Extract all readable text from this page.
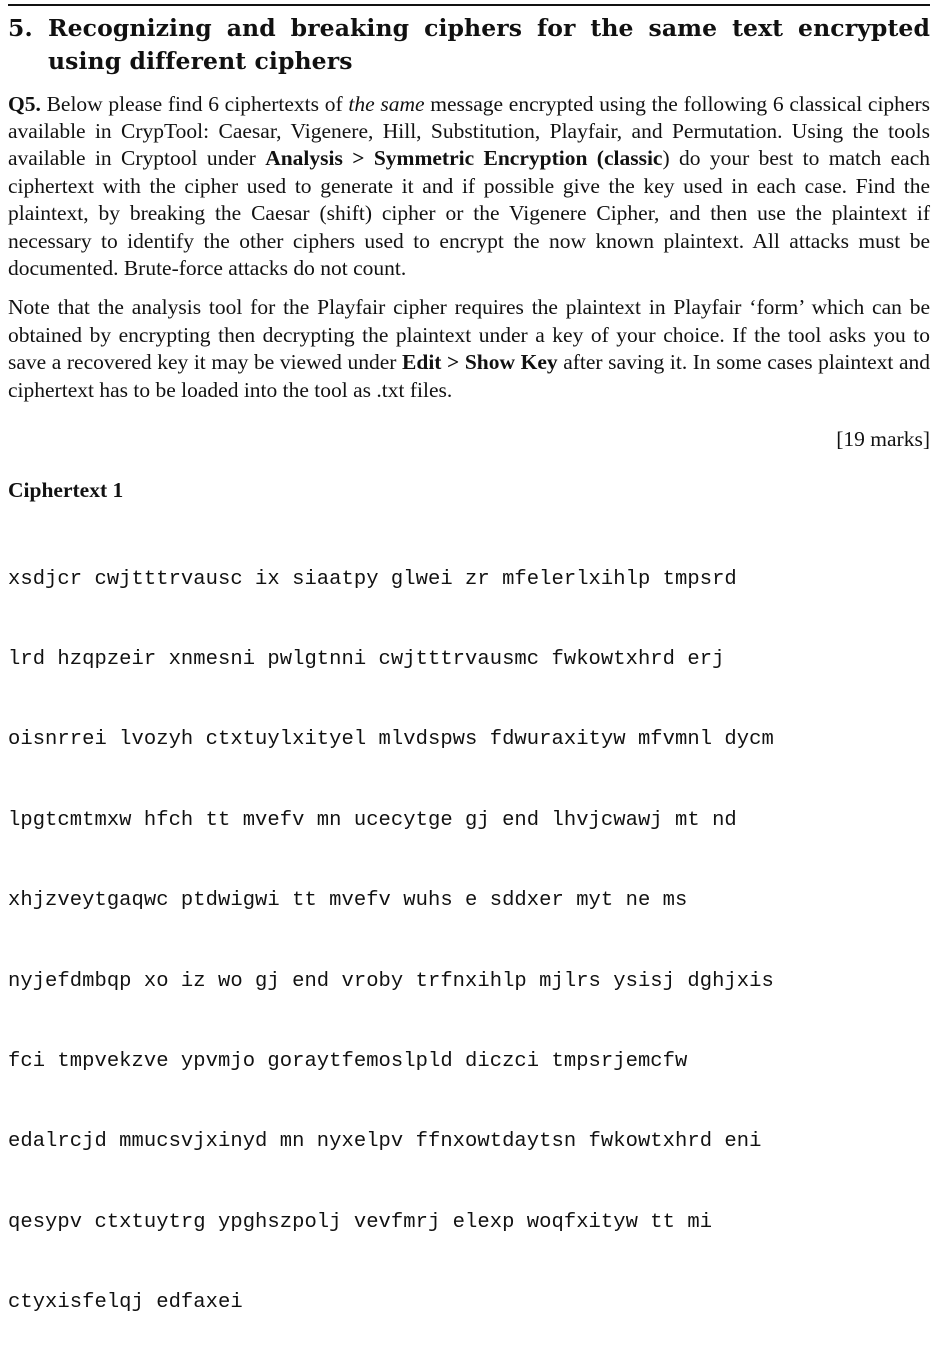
5. Recognizing and breaking ciphers for the same text encrypted using different ciphers

Q5. Below please find 6 ciphertexts of the same message encrypted using the following 6 classical ciphers available in CrypTool: Caesar, Vigenere, Hill, Substitution, Playfair, and Permutation. Using the tools available in Cryptool under Analysis > Symmetric Encryption (classic) do your best to match each ciphertext with the cipher used to generate it and if possible give the key used in each case. Find the plaintext, by breaking the Caesar (shift) cipher or the Vigenere Cipher, and then use the plaintext if necessary to identify the other ciphers used to encrypt the now known plaintext. All attacks must be documented. Brute-force attacks do not count.

Note that the analysis tool for the Playfair cipher requires the plaintext in Playfair ‘form’ which can be obtained by encrypting then decrypting the plaintext under a key of your choice. If the tool asks you to save a recovered key it may be viewed under Edit > Show Key after saving it. In some cases plaintext and ciphertext has to be loaded into the tool as .txt files.

[19 marks]
Ciphertext 1

xsdjcr cwjtttrvausc ix siaatpy glwei zr mfelerlxihlp tmpsrd

lrd hzqpzeir xnmesni pwlgtnni cwjtttrvausmc fwkowtxhrd erj

oisnrrei lvozyh ctxtuylxityel mlvdspws fdwuraxityw mfvmnl dycm

lpgtcmtmxw hfch tt mvefv mn ucecytge gj end lhvjcwawj mt nd

xhjzveytgaqwc ptdwigwi tt mvefv wuhs e sddxer myt ne ms

nyjefdmbqp xo iz wo gj end vroby trfnxihlp mjlrs ysisj dghjxis

fci tmpvekzve ypvmjo goraytfemoslpld diczci tmpsrjemcfw

edalrcjd mmucsvjxinyd mn nyxelpv ffnxowtdaytsn fwkowtxhrd eni

qesypv ctxtuytrg ypghszpolj vevfmrj elexp woqfxityw tt mi

ctyxisfelqj edfaxei
